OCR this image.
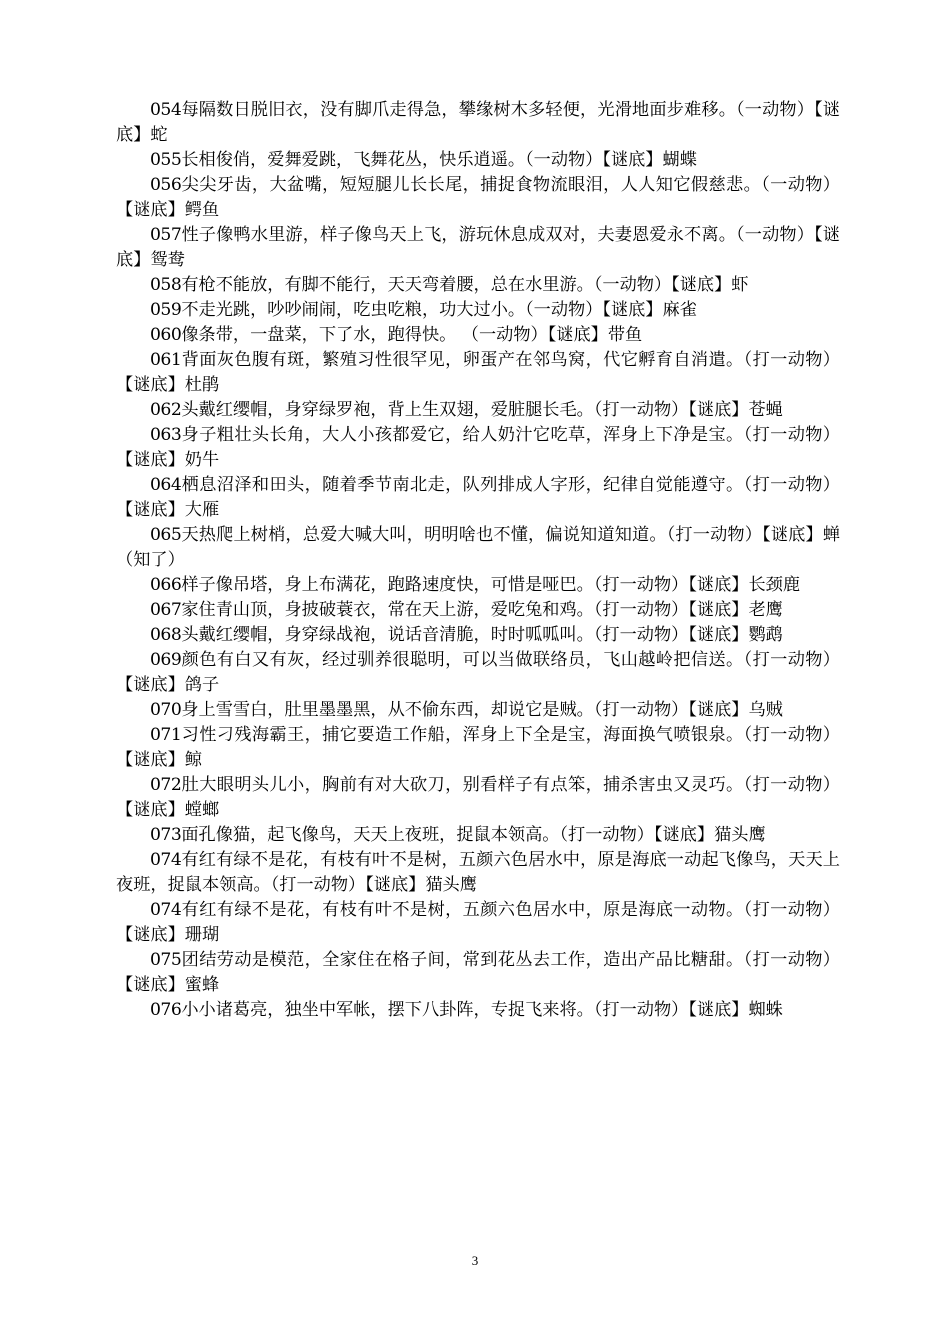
054每隔数日脱旧衣，没有脚爪走得急，攀缘树木多轻便，光滑地面步难移。（一动物）【谜底】蛇

055长相俊俏，爱舞爱跳，飞舞花丛，快乐逍遥。（一动物）【谜底】蝴蝶

056尖尖牙齿，大盆嘴，短短腿儿长长尾，捕捉食物流眼泪，人人知它假慈悲。（一动物）【谜底】鳄鱼

057性子像鸭水里游，样子像鸟天上飞，游玩休息成双对，夫妻恩爱永不离。（一动物）【谜底】鸳鸯

058有枪不能放，有脚不能行，天天弯着腰，总在水里游。（一动物）【谜底】虾

059不走光跳，吵吵闹闹，吃虫吃粮，功大过小。（一动物）【谜底】麻雀

060像条带，一盘菜，下了水，跑得快。 （一动物）【谜底】带鱼

061背面灰色腹有斑，繁殖习性很罕见，卵蛋产在邻鸟窝，代它孵育自消遣。（打一动物）【谜底】杜鹃

062头戴红缨帽，身穿绿罗袍，背上生双翅，爱脏腿长毛。（打一动物）【谜底】苍蝇

063身子粗壮头长角，大人小孩都爱它，给人奶汁它吃草，浑身上下净是宝。（打一动物）【谜底】奶牛

064栖息沼泽和田头，随着季节南北走，队列排成人字形，纪律自觉能遵守。（打一动物）【谜底】大雁

065天热爬上树梢，总爱大喊大叫，明明啥也不懂，偏说知道知道。（打一动物）【谜底】蝉（知了）

066样子像吊塔，身上布满花，跑路速度快，可惜是哑巴。（打一动物）【谜底】长颈鹿

067家住青山顶，身披破蓑衣，常在天上游，爱吃兔和鸡。（打一动物）【谜底】老鹰

068头戴红缨帽，身穿绿战袍，说话音清脆，时时呱呱叫。（打一动物）【谜底】鹦鹉

069颜色有白又有灰，经过驯养很聪明，可以当做联络员，飞山越岭把信送。（打一动物）【谜底】鸽子

070身上雪雪白，肚里墨墨黑，从不偷东西，却说它是贼。（打一动物）【谜底】乌贼

071习性刁残海霸王，捕它要造工作船，浑身上下全是宝，海面换气喷银泉。（打一动物）【谜底】鲸

072肚大眼明头儿小，胸前有对大砍刀，别看样子有点笨，捕杀害虫又灵巧。（打一动物）【谜底】螳螂

073面孔像猫，起飞像鸟，天天上夜班，捉鼠本领高。（打一动物）【谜底】猫头鹰

074有红有绿不是花，有枝有叶不是树，五颜六色居水中，原是海底一动起飞像鸟，天天上夜班，捉鼠本领高。（打一动物）【谜底】猫头鹰

074有红有绿不是花，有枝有叶不是树，五颜六色居水中，原是海底一动物。（打一动物）【谜底】珊瑚

075团结劳动是模范，全家住在格子间，常到花丛去工作，造出产品比糖甜。（打一动物）【谜底】蜜蜂

076小小诸葛亮，独坐中军帐，摆下八卦阵，专捉飞来将。（打一动物）【谜底】蜘蛛

3
